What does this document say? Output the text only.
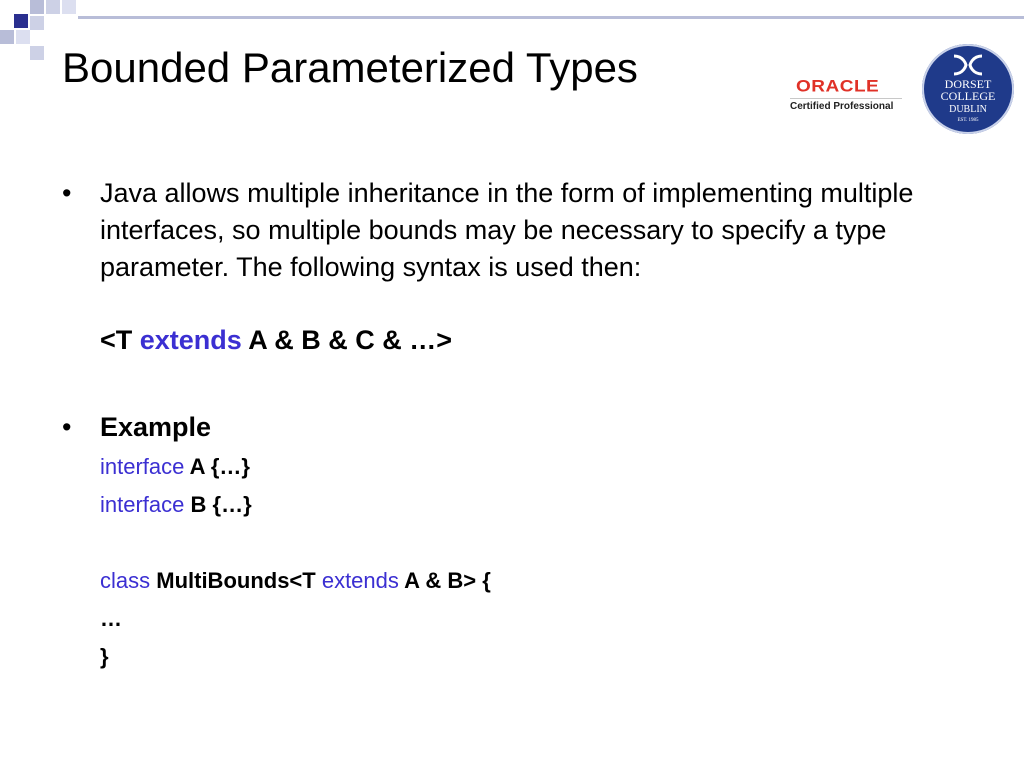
Bounded Parameterized Types	ORACLE
Certified Professional
DORSET
COLLEGE
DUBLIN
EST. 1985
• Java allows multiple inheritance in the form of implementing multiple interfaces, so multiple bounds may be necessary to specify a type parameter. The following syntax is used then:

<T extends A & B & C & …>
• Example
interface A {…}
interface B {…}
class MultiBounds<T extends A & B> {
…
}
